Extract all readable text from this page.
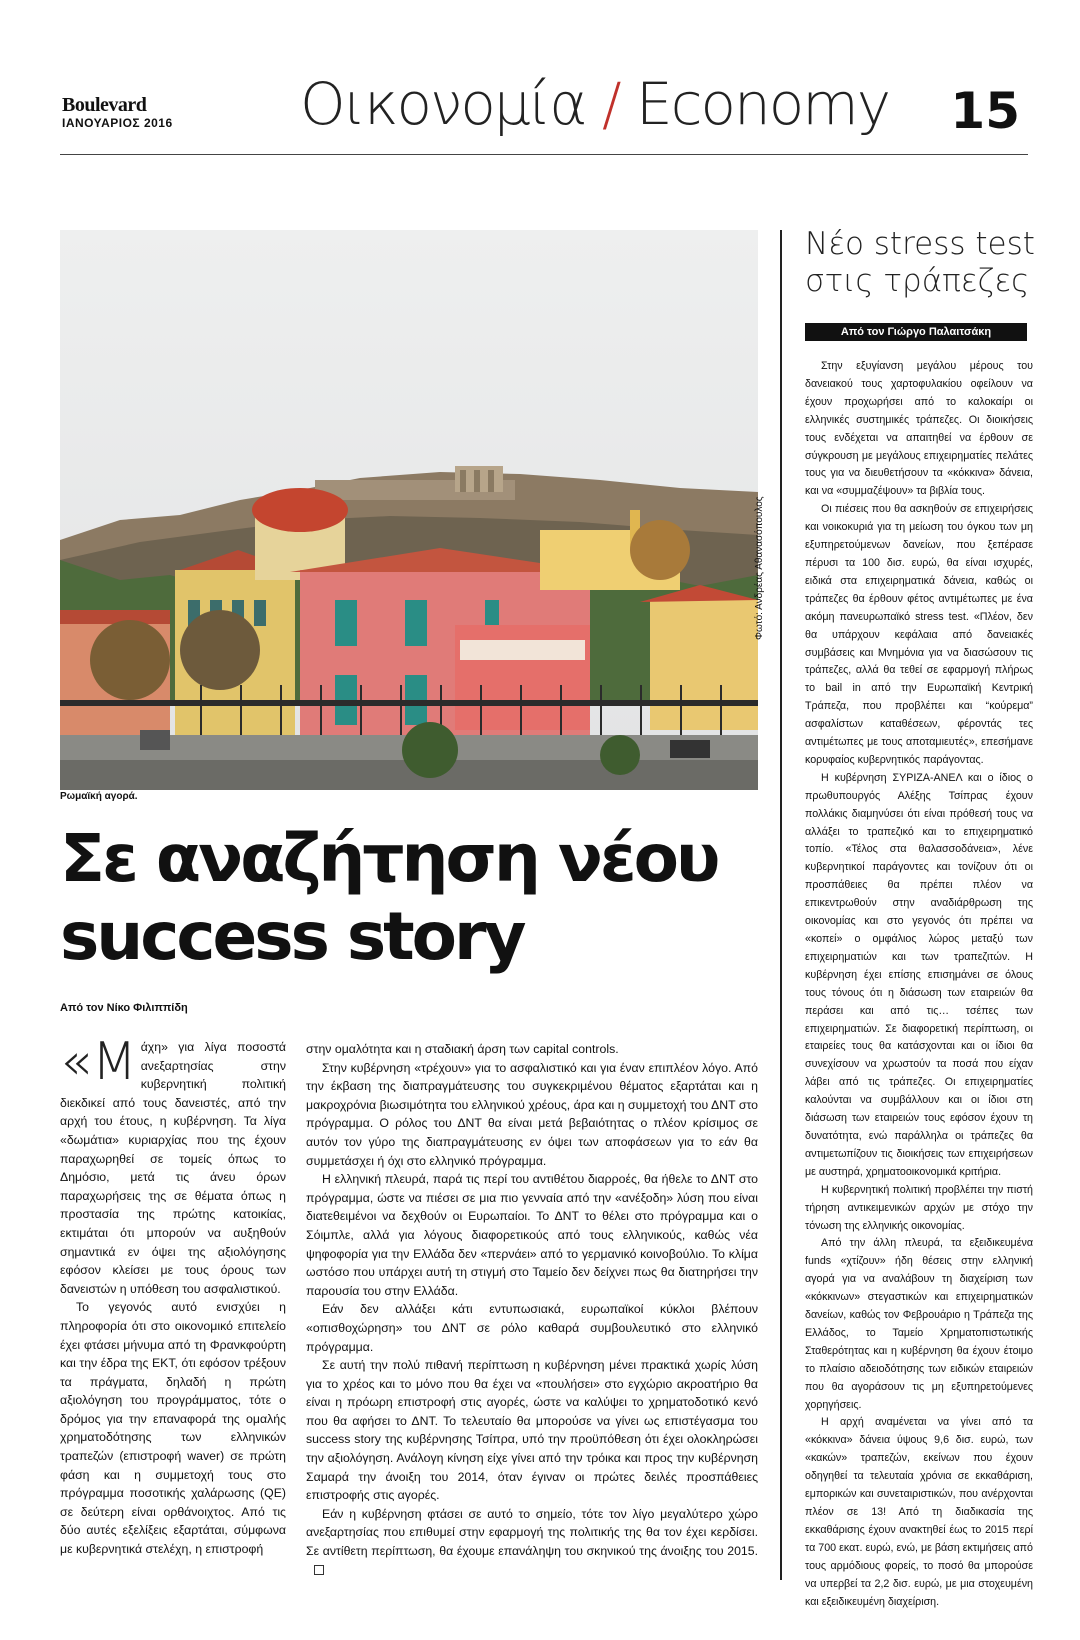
Boulevard
ΙΑΝΟΥΑΡΙΟΣ 2016 Οικονομία / Economy 15
Φωτό: Ανδρέας Αθανασόπουλος
Ρωμαϊκή αγορά.
Σε αναζήτηση νέου
success story
Από τον Νίκο Φιλιππίδη

«Μάχη» για λίγα ποσοστά ανεξαρτησίας στην κυβερνητική πολιτική διεκδικεί από τους δανειστές, από την αρχή του έτους, η κυβέρνηση. Τα λίγα «δωμάτια» κυριαρχίας που της έχουν παραχωρηθεί σε τομείς όπως το Δημόσιο, μετά τις άνευ όρων παραχωρήσεις της σε θέματα όπως η προστασία της πρώτης κατοικίας, εκτιμάται ότι μπορούν να αυξηθούν σημαντικά εν όψει της αξιολόγησης εφόσον κλείσει με τους όρους των δανειστών η υπόθεση του ασφαλιστικού.

Το γεγονός αυτό ενισχύει η πληροφορία ότι στο οικονομικό επιτελείο έχει φτάσει μήνυμα από τη Φρανκφούρτη και την έδρα της ΕΚΤ, ότι εφόσον τρέξουν τα πράγματα, δηλαδή η πρώτη αξιολόγηση του προγράμματος, τότε ο δρόμος για την επαναφορά της ομαλής χρηματοδότησης των ελληνικών τραπεζών (επιστροφή waver) σε πρώτη φάση και η συμμετοχή τους στο πρόγραμμα ποσοτικής χαλάρωσης (QE) σε δεύτερη είναι ορθάνοιχτος. Από τις δύο αυτές εξελίξεις εξαρτάται, σύμφωνα με κυβερνητικά στελέχη, η επιστροφή

στην ομαλότητα και η σταδιακή άρση των capital controls.

Στην κυβέρνηση «τρέχουν» για το ασφαλιστικό και για έναν επιπλέον λόγο. Από την έκβαση της διαπραγμάτευσης του συγκεκριμένου θέματος εξαρτάται και η μακροχρόνια βιωσιμότητα του ελληνικού χρέους, άρα και η συμμετοχή του ΔΝΤ στο πρόγραμμα. Ο ρόλος του ΔΝΤ θα είναι μετά βεβαιότητας ο πλέον κρίσιμος σε αυτόν τον γύρο της διαπραγμάτευσης εν όψει των αποφάσεων για το εάν θα συμμετάσχει ή όχι στο ελληνικό πρόγραμμα.

Η ελληνική πλευρά, παρά τις περί του αντιθέτου διαρροές, θα ήθελε το ΔΝΤ στο πρόγραμμα, ώστε να πιέσει σε μια πιο γενναία από την «ανέξοδη» λύση που είναι διατεθειμένοι να δεχθούν οι Ευρωπαίοι. Το ΔΝΤ το θέλει στο πρόγραμμα και ο Σόιμπλε, αλλά για λόγους διαφορετικούς από τους ελληνικούς, καθώς νέα ψηφοφορία για την Ελλάδα δεν «περνάει» από το γερμανικό κοινοβούλιο. Το κλίμα ωστόσο που υπάρχει αυτή τη στιγμή στο Ταμείο δεν δείχνει πως θα διατηρήσει την παρουσία του στην Ελλάδα.

Εάν δεν αλλάξει κάτι εντυπωσιακά, ευρωπαϊκοί κύκλοι βλέπουν «οπισθοχώρηση» του ΔΝΤ σε ρόλο καθαρά συμβουλευτικό στο ελληνικό πρόγραμμα.

Σε αυτή την πολύ πιθανή περίπτωση η κυβέρνηση μένει πρακτικά χωρίς λύση για το χρέος και το μόνο που θα έχει να «πουλήσει» στο εγχώριο ακροατήριο θα είναι η πρόωρη επιστροφή στις αγορές, ώστε να καλύψει το χρηματοδοτικό κενό που θα αφήσει το ΔΝΤ. Το τελευταίο θα μπορούσε να γίνει ως επιστέγασμα του success story της κυβέρνησης Τσίπρα, υπό την προϋπόθεση ότι έχει ολοκληρώσει την αξιολόγηση. Ανάλογη κίνηση είχε γίνει από την τρόικα και προς την κυβέρνηση Σαμαρά την άνοιξη του 2014, όταν έγιναν οι πρώτες δειλές προσπάθειες επιστροφής στις αγορές.

Εάν η κυβέρνηση φτάσει σε αυτό το σημείο, τότε τον λίγο μεγαλύτερο χώρο ανεξαρτησίας που επιθυμεί στην εφαρμογή της πολιτικής της θα τον έχει κερδίσει. Σε αντίθετη περίπτωση, θα έχουμε επανάληψη του σκηνικού της άνοιξης του 2015.

Νέο stress test
στις τράπεζες
Από τον Γιώργο Παλαιτσάκη

Στην εξυγίανση μεγάλου μέρους του δανειακού τους χαρτοφυλακίου οφείλουν να έχουν προχωρήσει από το καλοκαίρι οι ελληνικές συστημικές τράπεζες. Οι διοικήσεις τους ενδέχεται να απαιτηθεί να έρθουν σε σύγκρουση με μεγάλους επιχειρηματίες πελάτες τους για να διευθετήσουν τα «κόκκινα» δάνεια, και να «συμμαζέψουν» τα βιβλία τους.

Οι πιέσεις που θα ασκηθούν σε επιχειρήσεις και νοικοκυριά για τη μείωση του όγκου των μη εξυπηρετούμενων δανείων, που ξεπέρασε πέρυσι τα 100 δισ. ευρώ, θα είναι ισχυρές, ειδικά στα επιχειρηματικά δάνεια, καθώς οι τράπεζες θα έρθουν φέτος αντιμέτωπες με ένα ακόμη πανευρωπαϊκό stress test. «Πλέον, δεν θα υπάρχουν κεφάλαια από δανειακές συμβάσεις και Μνημόνια για να διασώσουν τις τράπεζες, αλλά θα τεθεί σε εφαρμογή πλήρως το bail in από την Ευρωπαϊκή Κεντρική Τράπεζα, που προβλέπει και “κούρεμα” ασφαλίστων καταθέσεων, φέροντάς τες αντιμέτωπες με τους αποταμιευτές», επεσήμανε κορυφαίος κυβερνητικός παράγοντας.

Η κυβέρνηση ΣΥΡΙΖΑ-ΑΝΕΛ και ο ίδιος ο πρωθυπουργός Αλέξης Τσίπρας έχουν πολλάκις διαμηνύσει ότι είναι πρόθεσή τους να αλλάξει το τραπεζικό και το επιχειρηματικό τοπίο. «Τέλος στα θαλασσοδάνεια», λένε κυβερνητικοί παράγοντες και τονίζουν ότι οι προσπάθειες θα πρέπει πλέον να επικεντρωθούν στην αναδιάρθρωση της οικονομίας και στο γεγονός ότι πρέπει να «κοπεί» ο ομφάλιος λώρος μεταξύ των επιχειρηματιών και των τραπεζιτών. Η κυβέρνηση έχει επίσης επισημάνει σε όλους τους τόνους ότι η διάσωση των εταιρειών θα περάσει και από τις… τσέπες των επιχειρηματιών. Σε διαφορετική περίπτωση, οι εταιρείες τους θα κατάσχονται και οι ίδιοι θα συνεχίσουν να χρωστούν τα ποσά που είχαν λάβει από τις τράπεζες. Οι επιχειρηματίες καλούνται να συμβάλλουν και οι ίδιοι στη διάσωση των εταιρειών τους εφόσον έχουν τη δυνατότητα, ενώ παράλληλα οι τράπεζες θα αντιμετωπίζουν τις διοικήσεις των επιχειρήσεων με αυστηρά, χρηματοοικονομικά κριτήρια.

Η κυβερνητική πολιτική προβλέπει την πιστή τήρηση αντικειμενικών αρχών με στόχο την τόνωση της ελληνικής οικονομίας.

Από την άλλη πλευρά, τα εξειδικευμένα funds «χτίζουν» ήδη θέσεις στην ελληνική αγορά για να αναλάβουν τη διαχείριση των «κόκκινων» στεγαστικών και επιχειρηματικών δανείων, καθώς τον Φεβρουάριο η Τράπεζα της Ελλάδος, το Ταμείο Χρηματοπιστωτικής Σταθερότητας και η κυβέρνηση θα έχουν έτοιμο το πλαίσιο αδειοδότησης των ειδικών εταιρειών που θα αγοράσουν τις μη εξυπηρετούμενες χορηγήσεις.

Η αρχή αναμένεται να γίνει από τα «κόκκινα» δάνεια ύψους 9,6 δισ. ευρώ, των «κακών» τραπεζών, εκείνων που έχουν οδηγηθεί τα τελευταία χρόνια σε εκκαθάριση, εμπορικών και συνεταιριστικών, που ανέρχονται πλέον σε 13! Από τη διαδικασία της εκκαθάρισης έχουν ανακτηθεί έως το 2015 περί τα 700 εκατ. ευρώ, ενώ, με βάση εκτιμήσεις από τους αρμόδιους φορείς, το ποσό θα μπορούσε να υπερβεί τα 2,2 δισ. ευρώ, με μια στοχευμένη και εξειδικευμένη διαχείριση.
